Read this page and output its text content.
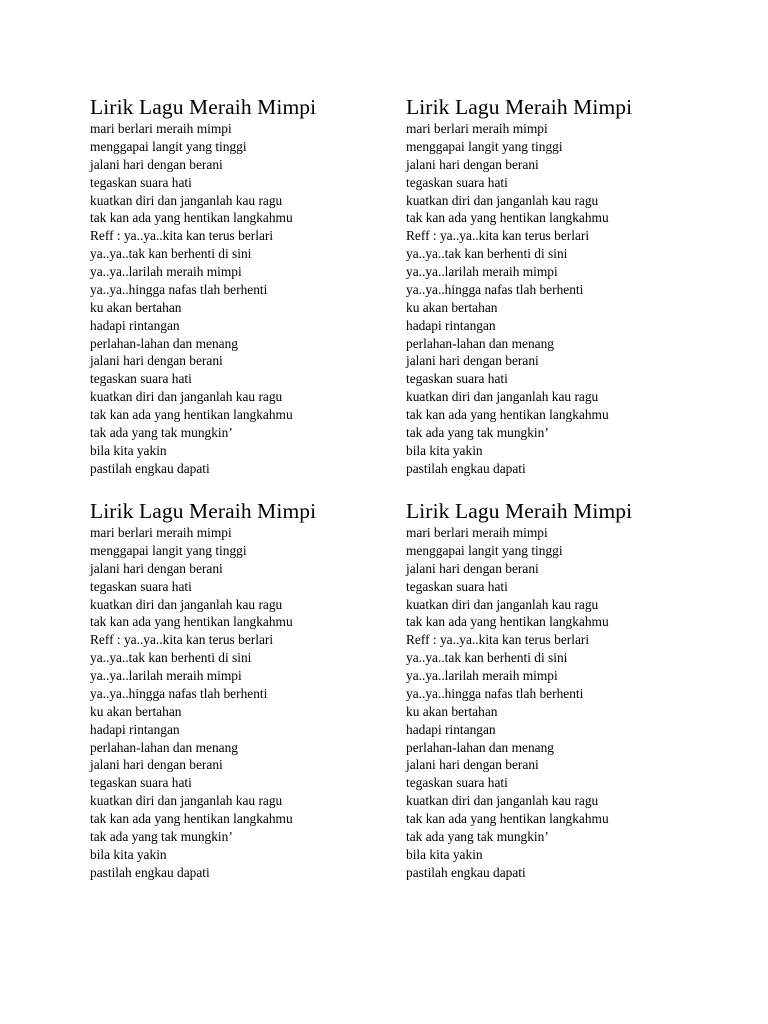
Lirik Lagu Meraih Mimpi
mari berlari meraih mimpi
menggapai langit yang tinggi
jalani hari dengan berani
tegaskan suara hati
kuatkan diri dan janganlah kau ragu
tak kan ada yang hentikan langkahmu
Reff : ya..ya..kita kan terus berlari
ya..ya..tak kan berhenti di sini
ya..ya..larilah meraih mimpi
ya..ya..hingga nafas tlah berhenti
ku akan bertahan
hadapi rintangan
perlahan-lahan dan menang
jalani hari dengan berani
tegaskan suara hati
kuatkan diri dan janganlah kau ragu
tak kan ada yang hentikan langkahmu
tak ada yang tak mungkin’
bila kita yakin
pastilah engkau dapati
Lirik Lagu Meraih Mimpi
mari berlari meraih mimpi
menggapai langit yang tinggi
jalani hari dengan berani
tegaskan suara hati
kuatkan diri dan janganlah kau ragu
tak kan ada yang hentikan langkahmu
Reff : ya..ya..kita kan terus berlari
ya..ya..tak kan berhenti di sini
ya..ya..larilah meraih mimpi
ya..ya..hingga nafas tlah berhenti
ku akan bertahan
hadapi rintangan
perlahan-lahan dan menang
jalani hari dengan berani
tegaskan suara hati
kuatkan diri dan janganlah kau ragu
tak kan ada yang hentikan langkahmu
tak ada yang tak mungkin’
bila kita yakin
pastilah engkau dapati
Lirik Lagu Meraih Mimpi
mari berlari meraih mimpi
menggapai langit yang tinggi
jalani hari dengan berani
tegaskan suara hati
kuatkan diri dan janganlah kau ragu
tak kan ada yang hentikan langkahmu
Reff : ya..ya..kita kan terus berlari
ya..ya..tak kan berhenti di sini
ya..ya..larilah meraih mimpi
ya..ya..hingga nafas tlah berhenti
ku akan bertahan
hadapi rintangan
perlahan-lahan dan menang
jalani hari dengan berani
tegaskan suara hati
kuatkan diri dan janganlah kau ragu
tak kan ada yang hentikan langkahmu
tak ada yang tak mungkin’
bila kita yakin
pastilah engkau dapati
Lirik Lagu Meraih Mimpi
mari berlari meraih mimpi
menggapai langit yang tinggi
jalani hari dengan berani
tegaskan suara hati
kuatkan diri dan janganlah kau ragu
tak kan ada yang hentikan langkahmu
Reff : ya..ya..kita kan terus berlari
ya..ya..tak kan berhenti di sini
ya..ya..larilah meraih mimpi
ya..ya..hingga nafas tlah berhenti
ku akan bertahan
hadapi rintangan
perlahan-lahan dan menang
jalani hari dengan berani
tegaskan suara hati
kuatkan diri dan janganlah kau ragu
tak kan ada yang hentikan langkahmu
tak ada yang tak mungkin’
bila kita yakin
pastilah engkau dapati
